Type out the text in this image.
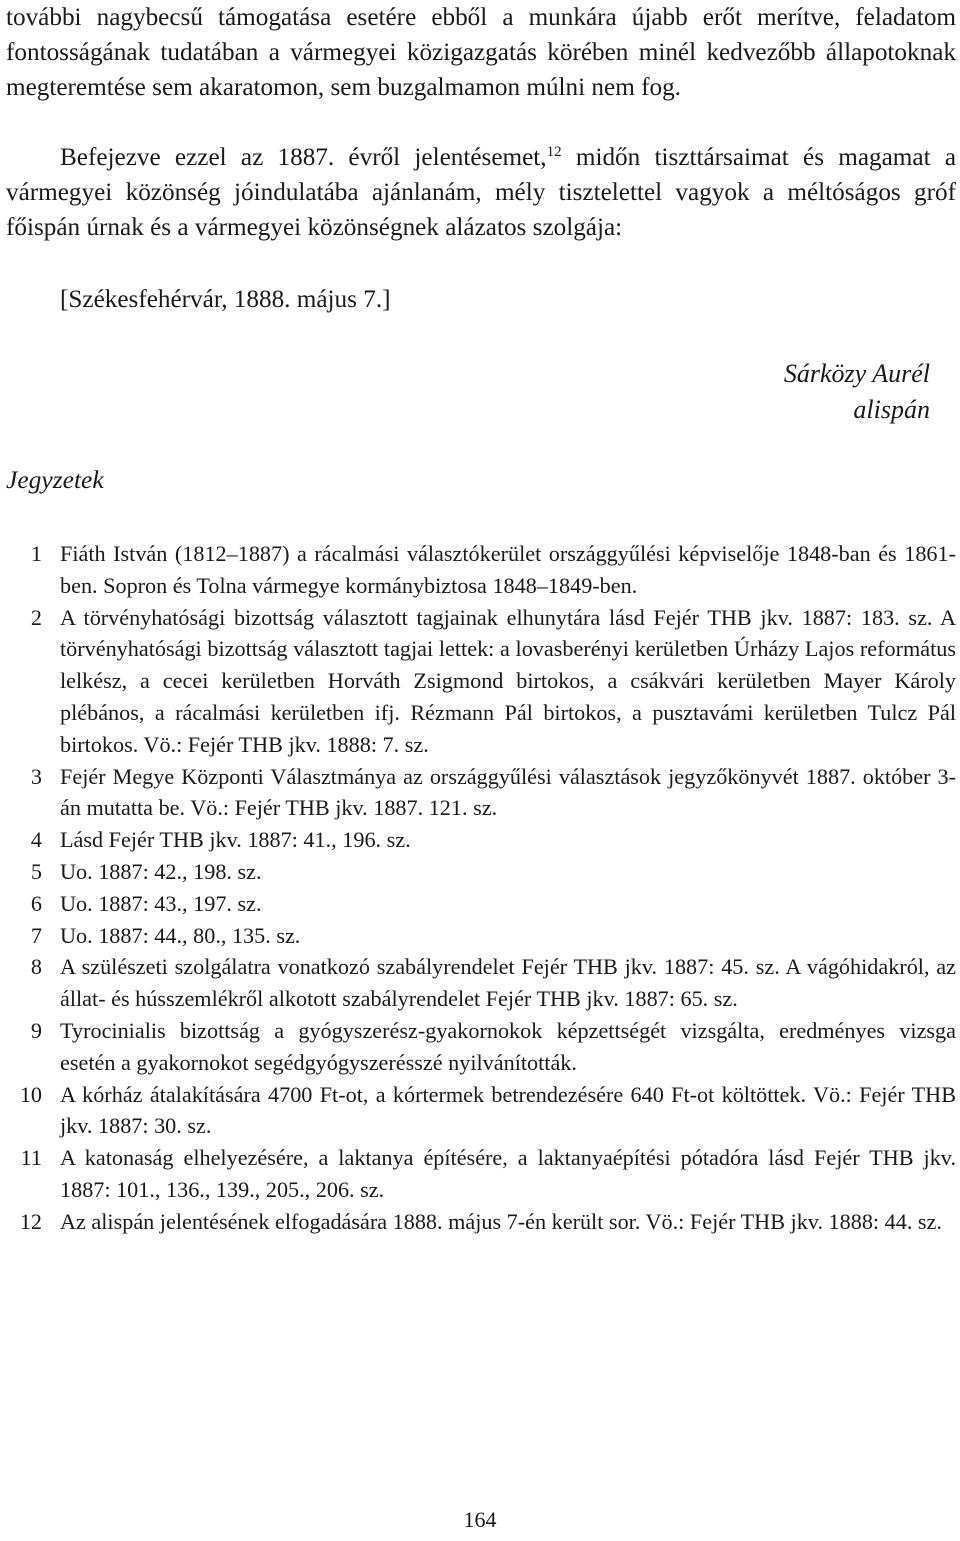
további nagybecsű támogatása esetére ebből a munkára újabb erőt merítve, feladatom fontosságának tudatában a vármegyei közigazgatás körében minél kedvezőbb állapotoknak megteremtése sem akaratomon, sem buzgalmamon múlni nem fog.

Befejezve ezzel az 1887. évről jelentésemet,$^{12}$ midőn tiszttársaimat és magamat a vármegyei közönség jóindulatába ajánlanám, mély tisztelettel vagyok a méltóságos gróf főispán úrnak és a vármegyei közönségnek alázatos szolgája:

[Székesfehérvár, 1888. május 7.]

Sárközy Aurél
alispán
Jegyzetek
1 Fiáth István (1812–1887) a rácalmási választókerület országgyűlési képviselője 1848-ban és 1861-ben. Sopron és Tolna vármegye kormánybiztosa 1848–1849-ben.
2 A törvényhatósági bizottság választott tagjainak elhunytára lásd Fejér THB jkv. 1887: 183. sz. A törvényhatósági bizottság választott tagjai lettek: a lovasberényi kerületben Úrházy Lajos református lelkész, a cecei kerületben Horváth Zsigmond birtokos, a csákvári kerületben Mayer Károly plébános, a rácalmási kerületben ifj. Rézmann Pál birtokos, a pusztavámi kerületben Tulcz Pál birtokos. Vö.: Fejér THB jkv. 1888: 7. sz.
3 Fejér Megye Központi Választmánya az országgyűlési választások jegyzőkönyvét 1887. október 3-án mutatta be. Vö.: Fejér THB jkv. 1887. 121. sz.
4 Lásd Fejér THB jkv. 1887: 41., 196. sz.
5 Uo. 1887: 42., 198. sz.
6 Uo. 1887: 43., 197. sz.
7 Uo. 1887: 44., 80., 135. sz.
8 A szülészeti szolgálatra vonatkozó szabályrendelet Fejér THB jkv. 1887: 45. sz. A vágóhidakról, az állat- és hússzemlékről alkotott szabályrendelet Fejér THB jkv. 1887: 65. sz.
9 Tyrocinialis bizottság a gyógyszerész-gyakornokok képzettségét vizsgálta, eredményes vizsga esetén a gyakornokot segédgyógyszerésszé nyilvánították.
10 A kórház átalakítására 4700 Ft-ot, a kórtermek betrendezésére 640 Ft-ot költöttek. Vö.: Fejér THB jkv. 1887: 30. sz.
11 A katonaság elhelyezésére, a laktanya építésére, a laktanyaépítési pótadóra lásd Fejér THB jkv. 1887: 101., 136., 139., 205., 206. sz.
12 Az alispán jelentésének elfogadására 1888. május 7-én került sor. Vö.: Fejér THB jkv. 1888: 44. sz.
164
